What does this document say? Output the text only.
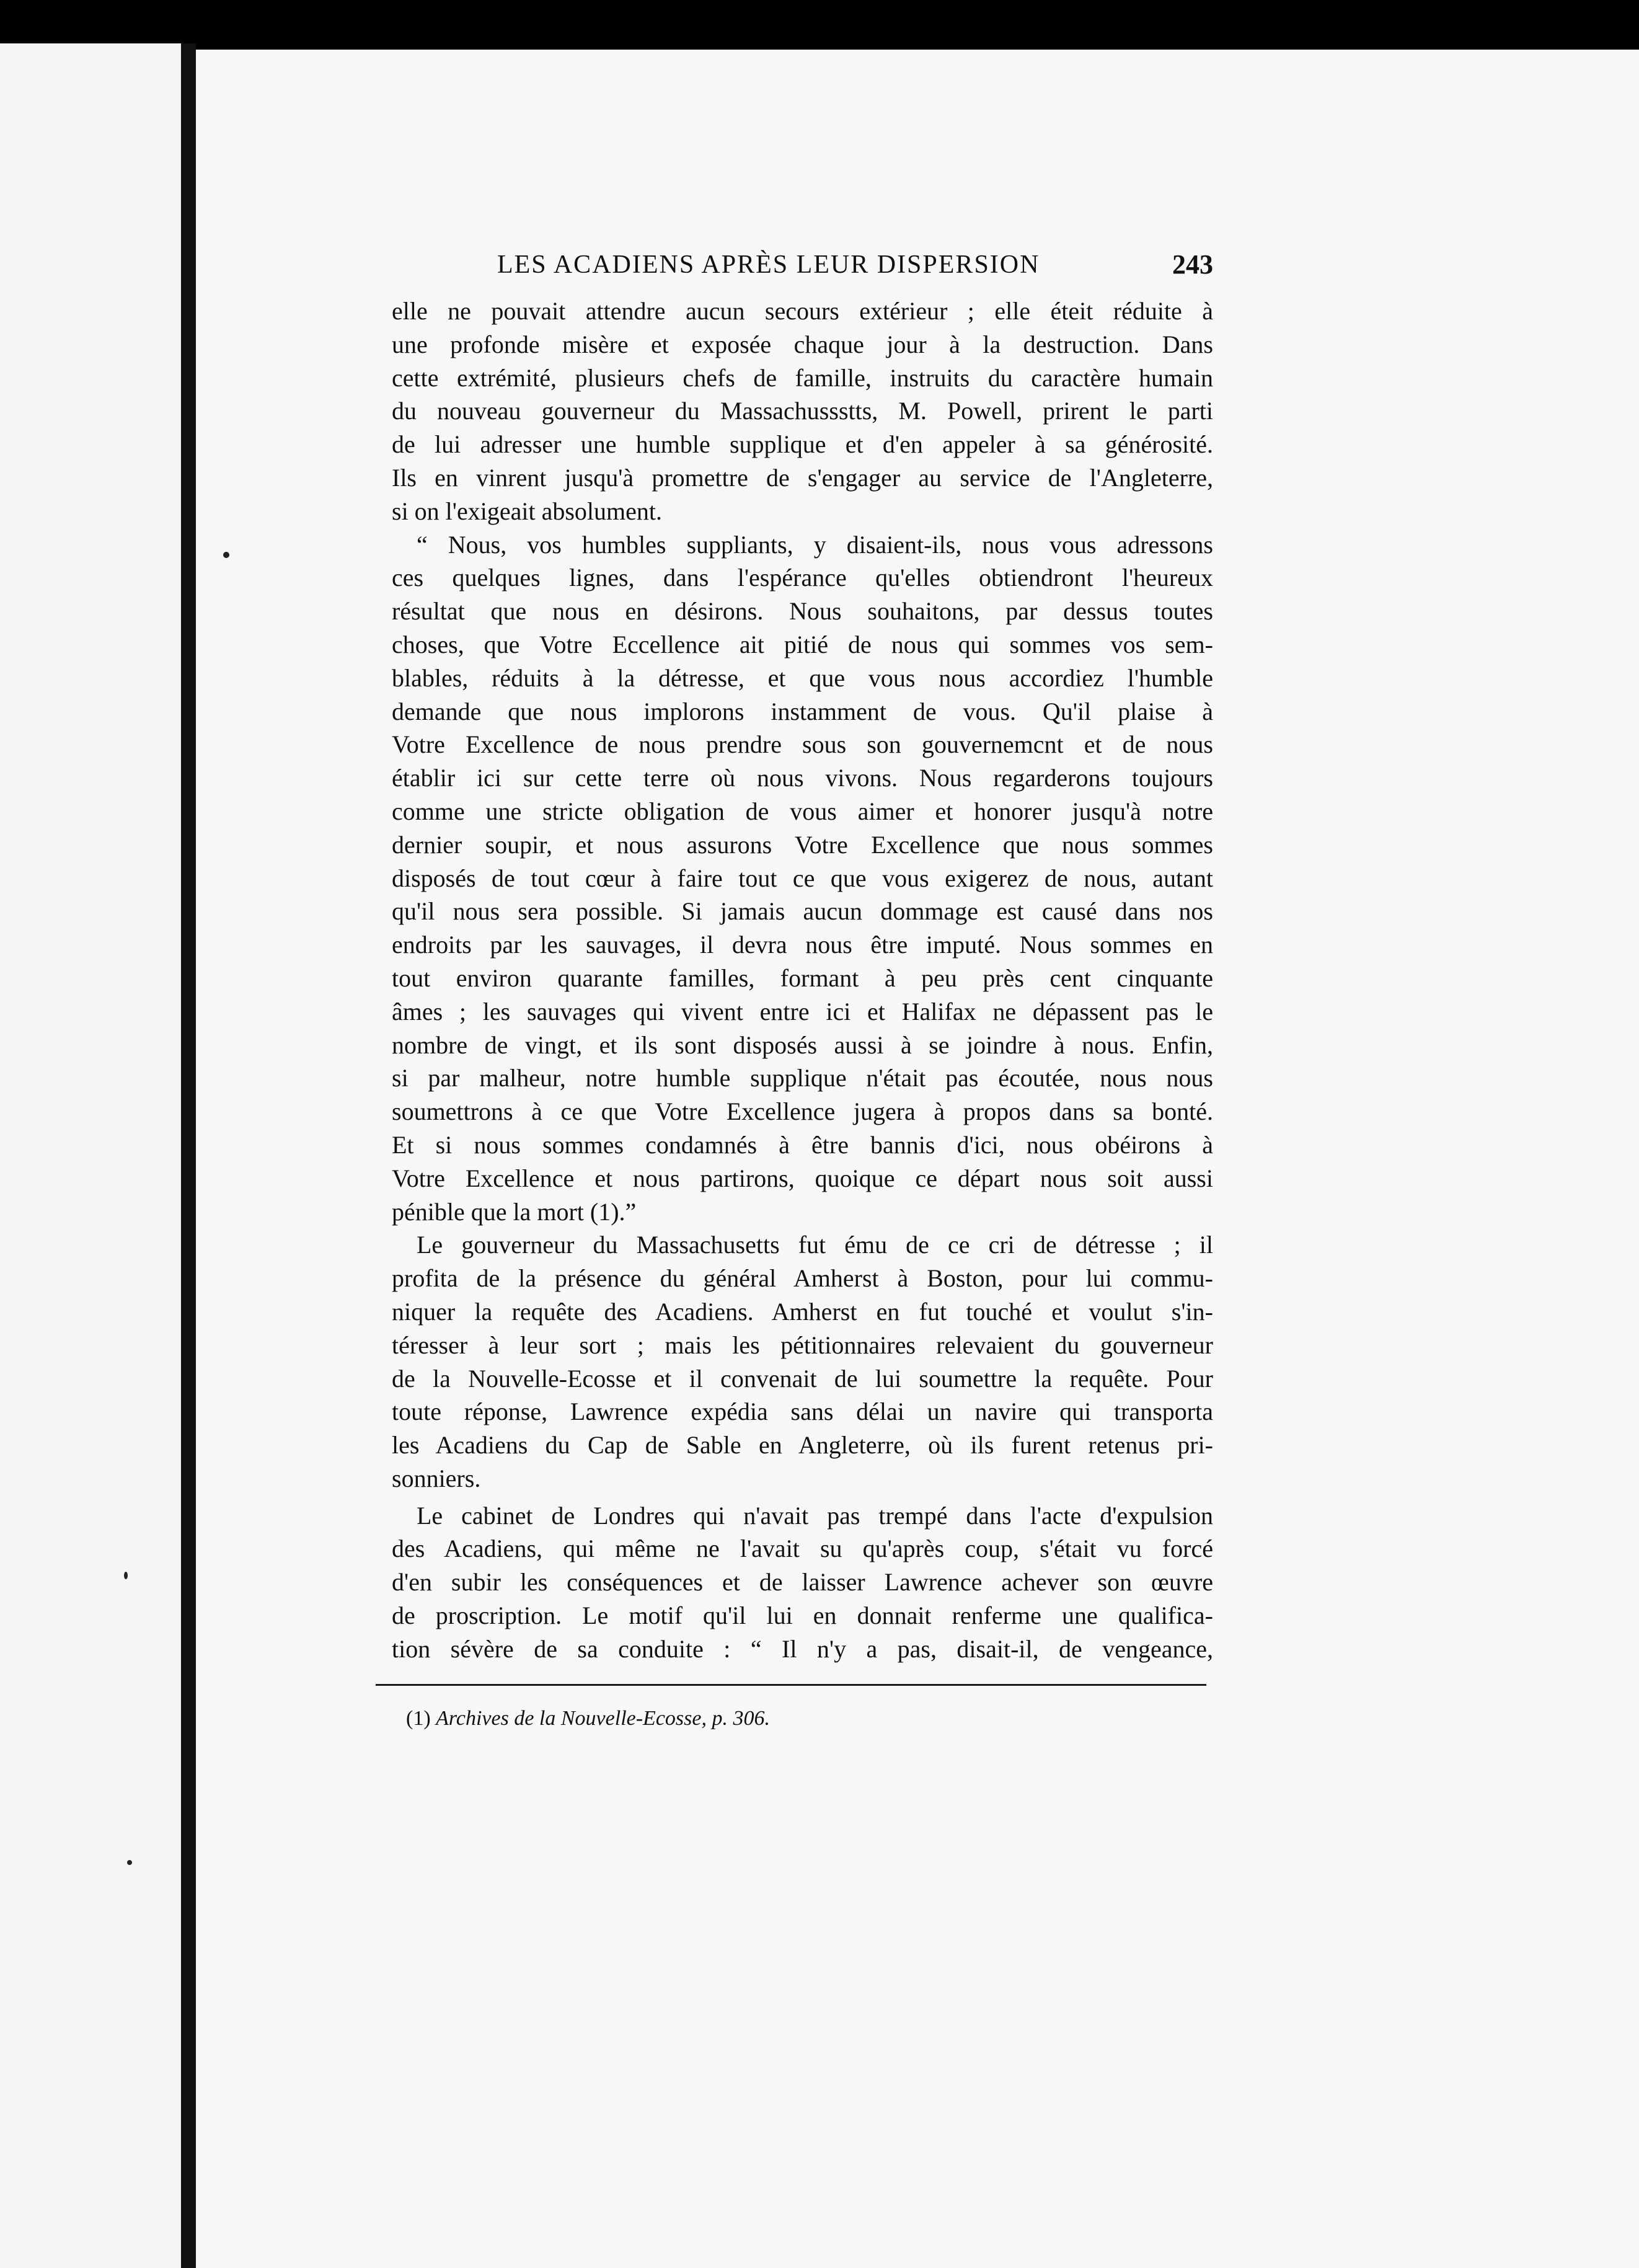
LES ACADIENS APRÈS LEUR DISPERSION	243

elle ne pouvait attendre aucun secours extérieur ; elle éteit réduite à
une profonde misère et exposée chaque jour à la destruction. Dans
cette extrémité, plusieurs chefs de famille, instruits du caractère humain
du nouveau gouverneur du Massachussstts, M. Powell, prirent le parti
de lui adresser une humble supplique et d'en appeler à sa générosité.
Ils en vinrent jusqu'à promettre de s'engager au service de l'Angleterre,
si on l'exigeait absolument.

“ Nous, vos humbles suppliants, y disaient-ils, nous vous adressons
ces quelques lignes, dans l'espérance qu'elles obtiendront l'heureux
résultat que nous en désirons. Nous souhaitons, par dessus toutes
choses, que Votre Eccellence ait pitié de nous qui sommes vos sem-
blables, réduits à la détresse, et que vous nous accordiez l'humble
demande que nous implorons instamment de vous. Qu'il plaise à
Votre Excellence de nous prendre sous son gouvernemcnt et de nous
établir ici sur cette terre où nous vivons. Nous regarderons toujours
comme une stricte obligation de vous aimer et honorer jusqu'à notre
dernier soupir, et nous assurons Votre Excellence que nous sommes
disposés de tout cœur à faire tout ce que vous exigerez de nous, autant
qu'il nous sera possible. Si jamais aucun dommage est causé dans nos
endroits par les sauvages, il devra nous être imputé. Nous sommes en
tout environ quarante familles, formant à peu près cent cinquante
âmes ; les sauvages qui vivent entre ici et Halifax ne dépassent pas le
nombre de vingt, et ils sont disposés aussi à se joindre à nous. Enfin,
si par malheur, notre humble supplique n'était pas écoutée, nous nous
soumettrons à ce que Votre Excellence jugera à propos dans sa bonté.
Et si nous sommes condamnés à être bannis d'ici, nous obéirons à
Votre Excellence et nous partirons, quoique ce départ nous soit aussi
pénible que la mort (1).”

Le gouverneur du Massachusetts fut ému de ce cri de détresse ; il
profita de la présence du général Amherst à Boston, pour lui commu-
niquer la requête des Acadiens. Amherst en fut touché et voulut s'in-
téresser à leur sort ; mais les pétitionnaires relevaient du gouverneur
de la Nouvelle-Ecosse et il convenait de lui soumettre la requête. Pour
toute réponse, Lawrence expédia sans délai un navire qui transporta
les Acadiens du Cap de Sable en Angleterre, où ils furent retenus pri-
sonniers.

Le cabinet de Londres qui n'avait pas trempé dans l'acte d'expulsion
des Acadiens, qui même ne l'avait su qu'après coup, s'était vu forcé
d'en subir les conséquences et de laisser Lawrence achever son œuvre
de proscription. Le motif qu'il lui en donnait renferme une qualifica-
tion sévère de sa conduite : “ Il n'y a pas, disait-il, de vengeance,

(1) Archives de la Nouvelle-Ecosse, p. 306.
